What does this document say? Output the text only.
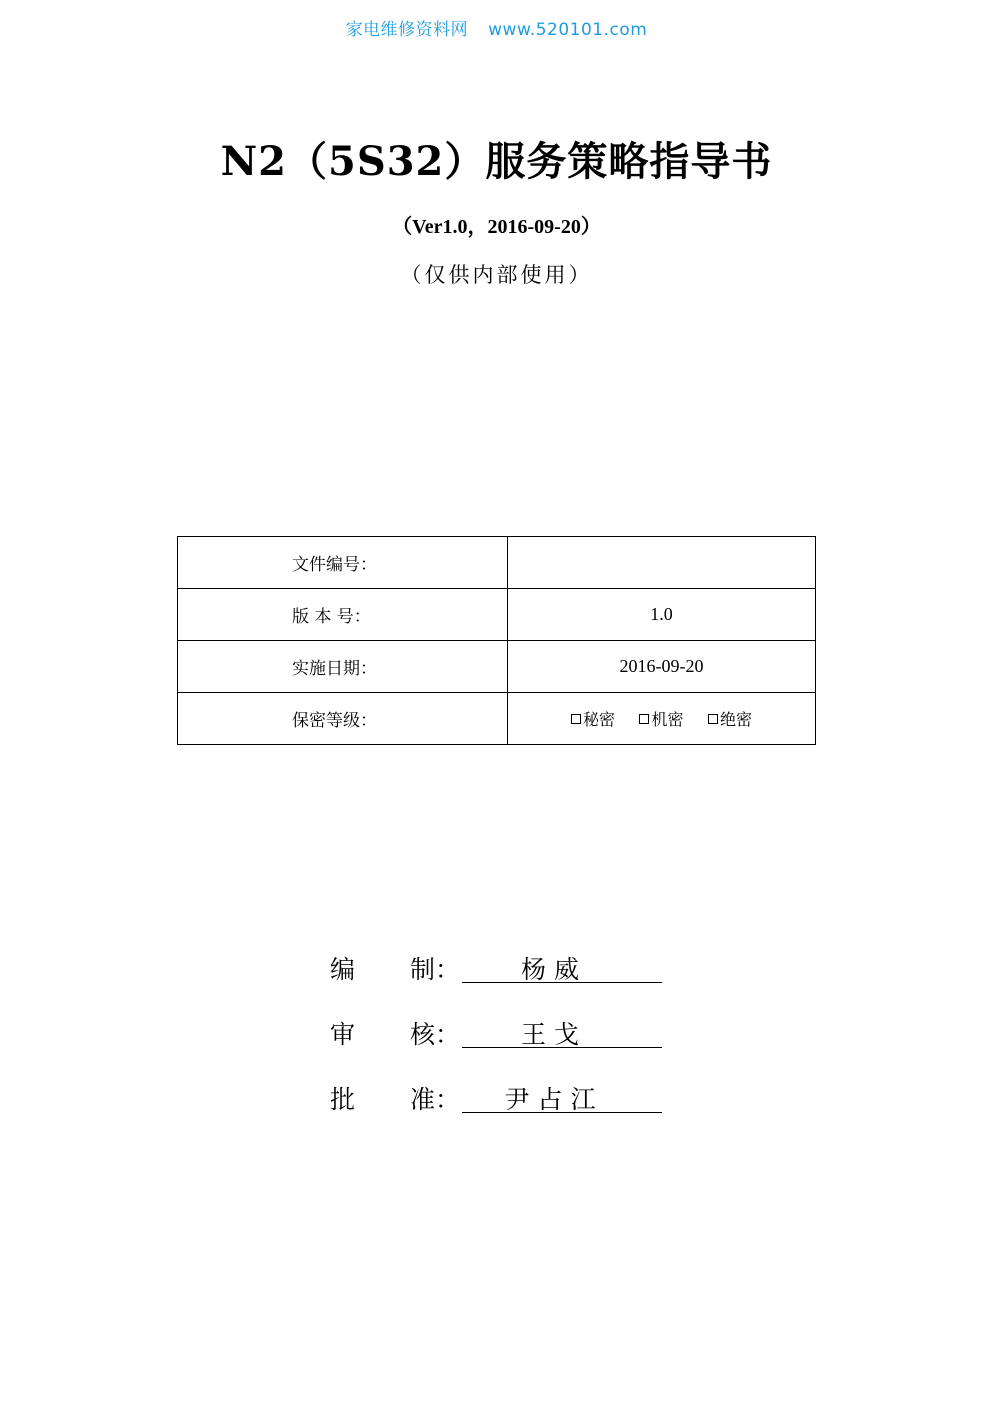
家电维修资料网 www.520101.com
N2（5S32）服务策略指导书
（Ver1.0，2016-09-20）
（仅供内部使用）
文件编号：	
版 本 号：	1.0
实施日期：	2016-09-20
保密等级：	秘密 机密 绝密
编 制：	杨威
审 核：	王戈
批 准：	尹占江
